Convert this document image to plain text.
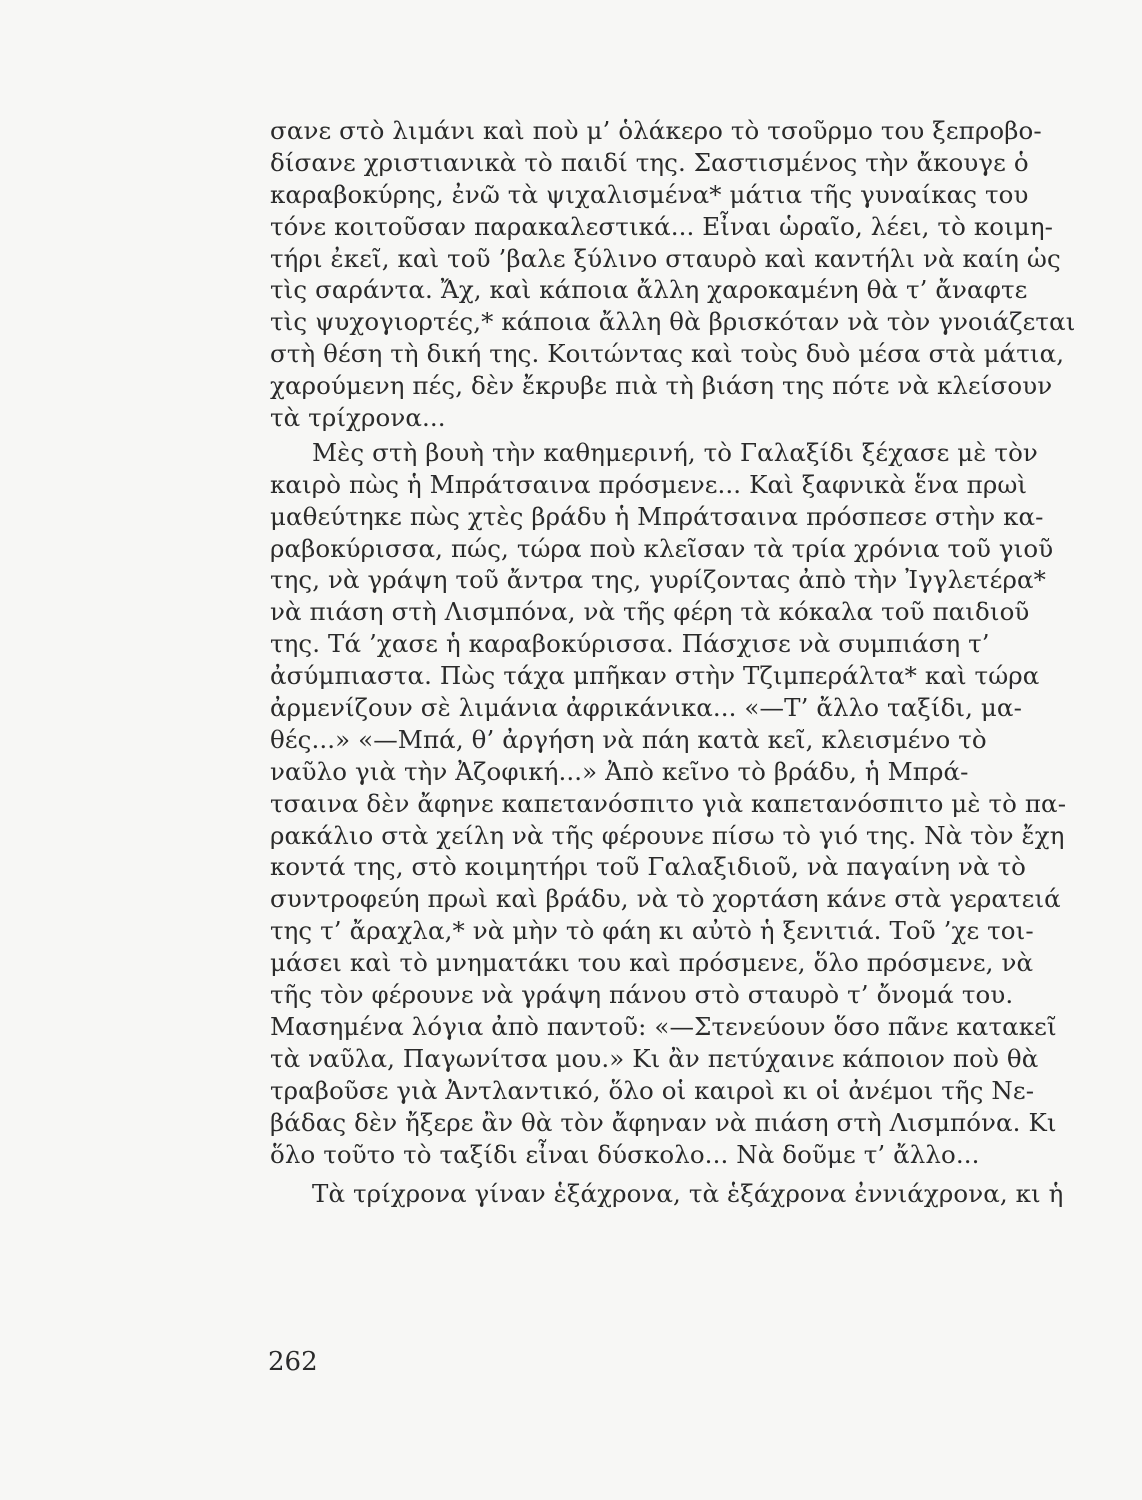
σανε στὸ λιμάνι καὶ ποὺ μ’ ὁλάκερο τὸ τσοῦρμο του ξεπροβο-
δίσανε χριστιανικὰ τὸ παιδί της. Σαστισμένος τὴν ἄκουγε ὁ
καραβοκύρης, ἐνῶ τὰ ψιχαλισμένα* μάτια τῆς γυναίκας του
τόνε κοιτοῦσαν παρακαλεστικά... Εἶναι ὡραῖο, λέει, τὸ κοιμη-
τήρι ἐκεῖ, καὶ τοῦ ’βαλε ξύλινο σταυρὸ καὶ καντήλι νὰ καίη ὡς
τὶς σαράντα. Ἄχ, καὶ κάποια ἄλλη χαροκαμένη θὰ τ’ ἄναφτε
τὶς ψυχογιορτές,* κάποια ἄλλη θὰ βρισκόταν νὰ τὸν γνοιάζεται
στὴ θέση τὴ δική της. Κοιτώντας καὶ τοὺς δυὸ μέσα στὰ μάτια,
χαρούμενη πές, δὲν ἔκρυβε πιὰ τὴ βιάση της πότε νὰ κλείσουν
τὰ τρίχρονα...
Μὲς στὴ βουὴ τὴν καθημερινή, τὸ Γαλαξίδι ξέχασε μὲ τὸν
καιρὸ πὼς ἡ Μπράτσαινα πρόσμενε... Καὶ ξαφνικὰ ἕνα πρωὶ
μαθεύτηκε πὼς χτὲς βράδυ ἡ Μπράτσαινα πρόσπεσε στὴν κα-
ραβοκύρισσα, πώς, τώρα ποὺ κλεῖσαν τὰ τρία χρόνια τοῦ γιοῦ
της, νὰ γράψη τοῦ ἄντρα της, γυρίζοντας ἀπὸ τὴν Ἰγγλετέρα*
νὰ πιάση στὴ Λισμπόνα, νὰ τῆς φέρη τὰ κόκαλα τοῦ παιδιοῦ
της. Τά ’χασε ἡ καραβοκύρισσα. Πάσχισε νὰ συμπιάση τ’
ἀσύμπιαστα. Πὼς τάχα μπῆκαν στὴν Τζιμπεράλτα* καὶ τώρα
ἀρμενίζουν σὲ λιμάνια ἀφρικάνικα... «—Τ’ ἄλλο ταξίδι, μα-
θές...» «—Μπά, θ’ ἀργήση νὰ πάη κατὰ κεῖ, κλεισμένο τὸ
ναῦλο γιὰ τὴν Ἀζοφική...» Ἀπὸ κεῖνο τὸ βράδυ, ἡ Μπρά-
τσαινα δὲν ἄφηνε καπετανόσπιτο γιὰ καπετανόσπιτο μὲ τὸ πα-
ρακάλιο στὰ χείλη νὰ τῆς φέρουνε πίσω τὸ γιό της. Νὰ τὸν ἔχη
κοντά της, στὸ κοιμητήρι τοῦ Γαλαξιδιοῦ, νὰ παγαίνη νὰ τὸ
συντροφεύη πρωὶ καὶ βράδυ, νὰ τὸ χορτάση κάνε στὰ γερατειά
της τ’ ἄραχλα,* νὰ μὴν τὸ φάη κι αὐτὸ ἡ ξενιτιά. Τοῦ ’χε τοι-
μάσει καὶ τὸ μνηματάκι του καὶ πρόσμενε, ὅλο πρόσμενε, νὰ
τῆς τὸν φέρουνε νὰ γράψη πάνου στὸ σταυρὸ τ’ ὄνομά του.
Μασημένα λόγια ἀπὸ παντοῦ: «—Στενεύουν ὅσο πᾶνε κατακεῖ
τὰ ναῦλα, Παγωνίτσα μου.» Κι ἂν πετύχαινε κάποιον ποὺ θὰ
τραβοῦσε γιὰ Ἀντλαντικό, ὅλο οἱ καιροὶ κι οἱ ἀνέμοι τῆς Νε-
βάδας δὲν ἤξερε ἂν θὰ τὸν ἄφηναν νὰ πιάση στὴ Λισμπόνα. Κι
ὅλο τοῦτο τὸ ταξίδι εἶναι δύσκολο... Νὰ δοῦμε τ’ ἄλλο...
Τὰ τρίχρονα γίναν ἑξάχρονα, τὰ ἑξάχρονα ἐννιάχρονα, κι ἡ
262
